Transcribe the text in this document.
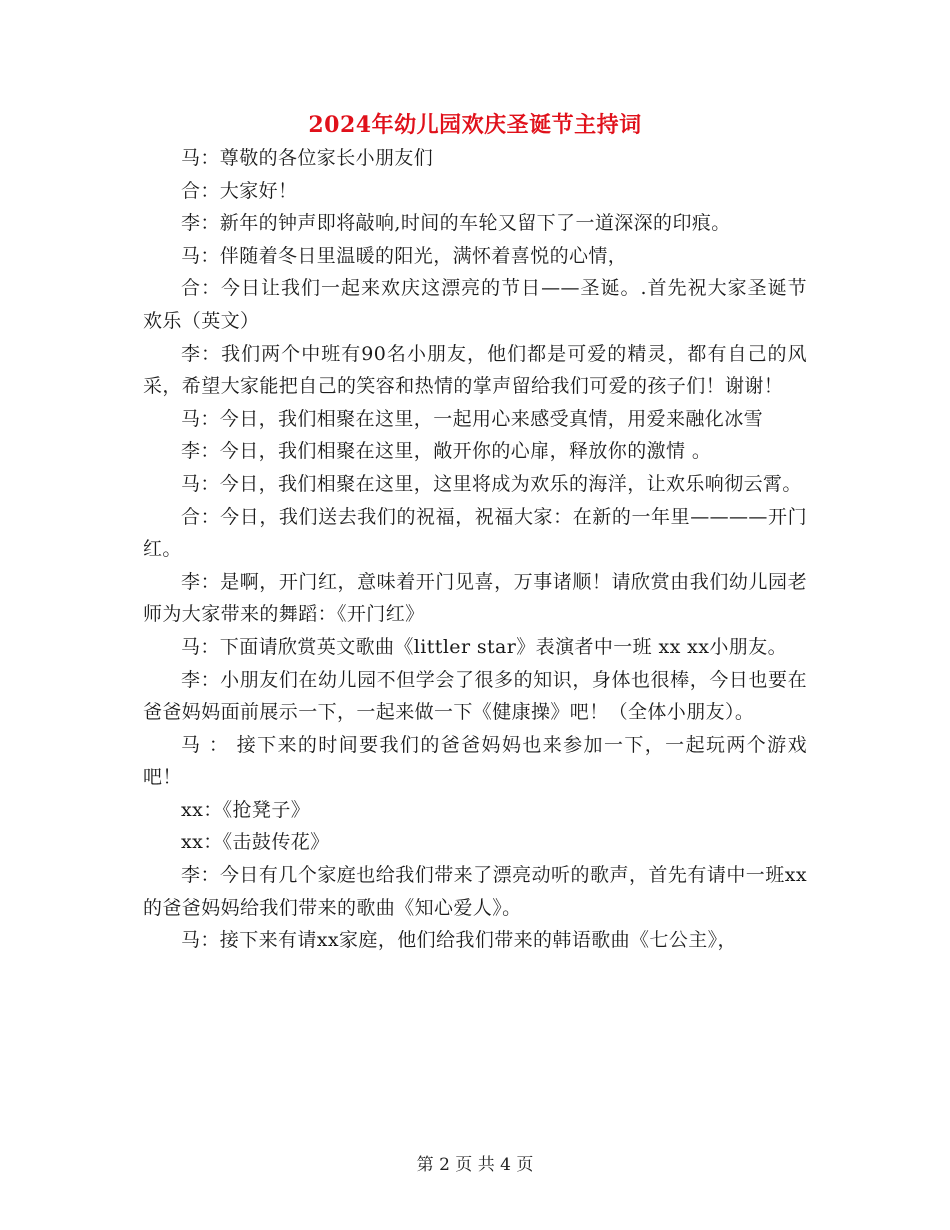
2024年幼儿园欢庆圣诞节主持词

马：尊敬的各位家长小朋友们

合：大家好！

李：新年的钟声即将敲响,时间的车轮又留下了一道深深的印痕。

马：伴随着冬日里温暖的阳光，满怀着喜悦的心情，

合：今日让我们一起来欢庆这漂亮的节日——圣诞。.首先祝大家圣诞节欢乐（英文）

李：我们两个中班有90名小朋友，他们都是可爱的精灵，都有自己的风采，希望大家能把自己的笑容和热情的掌声留给我们可爱的孩子们！谢谢！

马：今日，我们相聚在这里，一起用心来感受真情，用爱来融化冰雪

李：今日，我们相聚在这里，敞开你的心扉，释放你的激情 。

马：今日，我们相聚在这里，这里将成为欢乐的海洋，让欢乐响彻云霄。

合：今日，我们送去我们的祝福，祝福大家：在新的一年里————开门红。

李：是啊，开门红，意味着开门见喜，万事诸顺！请欣赏由我们幼儿园老师为大家带来的舞蹈：《开门红》

马：下面请欣赏英文歌曲《littler star》表演者中一班 xx xx小朋友。

李：小朋友们在幼儿园不但学会了很多的知识，身体也很棒，今日也要在爸爸妈妈面前展示一下，一起来做一下《健康操》吧！（全体小朋友）。

马 ： 接下来的时间要我们的爸爸妈妈也来参加一下，一起玩两个游戏吧！

xx：《抢凳子》

xx：《击鼓传花》

李：今日有几个家庭也给我们带来了漂亮动听的歌声，首先有请中一班xx的爸爸妈妈给我们带来的歌曲《知心爱人》。

马：接下来有请xx家庭，他们给我们带来的韩语歌曲《七公主》，

第 2 页 共 4 页
